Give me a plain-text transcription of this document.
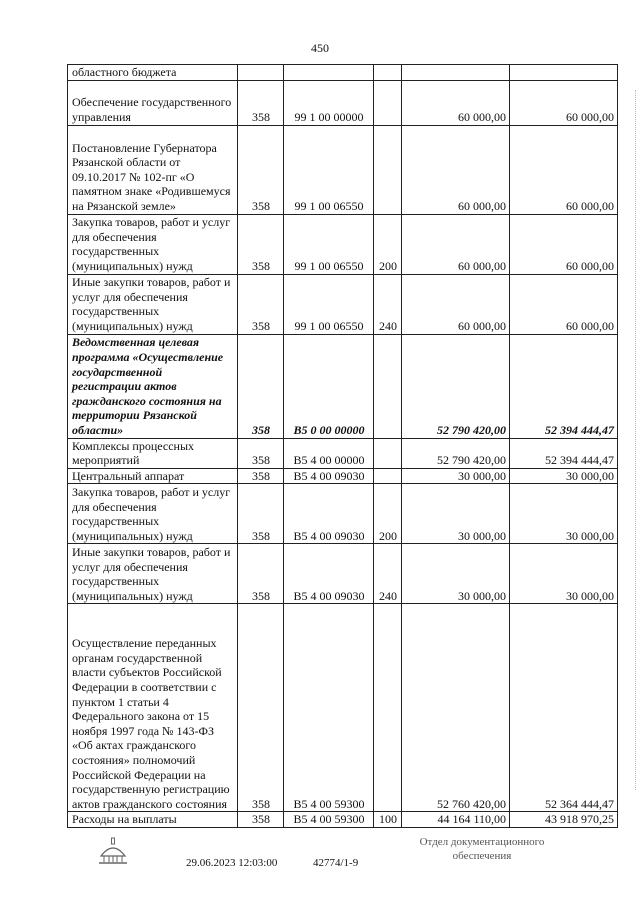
450
областного бюджета					
Обеспечение государственного управления	358	99 1 00 00000		60 000,00	60 000,00
Постановление Губернатора Рязанской области от 09.10.2017 № 102-пг «О памятном знаке «Родившемуся на Рязанской земле»	358	99 1 00 06550		60 000,00	60 000,00
Закупка товаров, работ и услуг для обеспечения государственных (муниципальных) нужд	358	99 1 00 06550	200	60 000,00	60 000,00
Иные закупки товаров, работ и услуг для обеспечения государственных (муниципальных) нужд	358	99 1 00 06550	240	60 000,00	60 000,00
Ведомственная целевая программа «Осуществление государственной регистрации актов гражданского состояния на территории Рязанской области»	358	В5 0 00 00000		52 790 420,00	52 394 444,47
Комплексы процессных мероприятий	358	В5 4 00 00000		52 790 420,00	52 394 444,47
Центральный аппарат	358	В5 4 00 09030		30 000,00	30 000,00
Закупка товаров, работ и услуг для обеспечения государственных (муниципальных) нужд	358	В5 4 00 09030	200	30 000,00	30 000,00
Иные закупки товаров, работ и услуг для обеспечения государственных (муниципальных) нужд	358	В5 4 00 09030	240	30 000,00	30 000,00
Осуществление переданных органам государственной власти субъектов Российской Федерации в соответствии с пунктом 1 статьи 4 Федерального закона от 15 ноября 1997 года № 143-ФЗ «Об актах гражданского состояния» полномочий Российской Федерации на государственную регистрацию актов гражданского состояния	358	В5 4 00 59300		52 760 420,00	52 364 444,47
Расходы на выплаты	358	В5 4 00 59300	100	44 164 110,00	43 918 970,25
29.06.2023 12:03:00	42774/1-9
Отдел документационного
обеспечения
